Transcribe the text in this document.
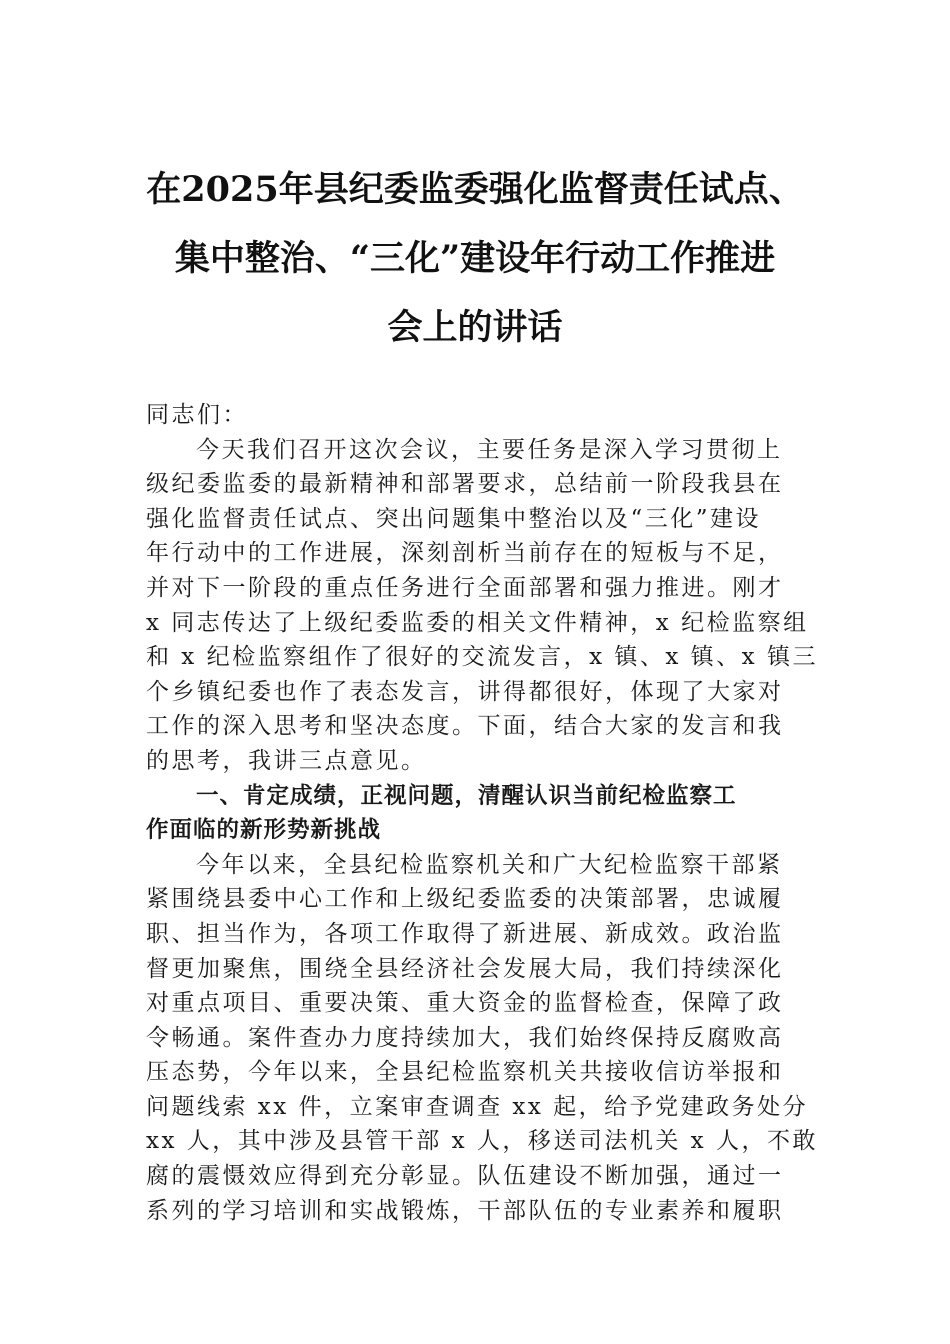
在2025年县纪委监委强化监督责任试点、
集中整治、“三化”建设年行动工作推进
会上的讲话
同志们：
今天我们召开这次会议，主要任务是深入学习贯彻上
级纪委监委的最新精神和部署要求，总结前一阶段我县在
强化监督责任试点、突出问题集中整治以及“三化”建设
年行动中的工作进展，深刻剖析当前存在的短板与不足，
并对下一阶段的重点任务进行全面部署和强力推进。刚才
x 同志传达了上级纪委监委的相关文件精神，x 纪检监察组
和 x 纪检监察组作了很好的交流发言，x 镇、x 镇、x 镇三
个乡镇纪委也作了表态发言，讲得都很好，体现了大家对
工作的深入思考和坚决态度。下面，结合大家的发言和我
的思考，我讲三点意见。
一、肯定成绩，正视问题，清醒认识当前纪检监察工
作面临的新形势新挑战
今年以来，全县纪检监察机关和广大纪检监察干部紧
紧围绕县委中心工作和上级纪委监委的决策部署，忠诚履
职、担当作为，各项工作取得了新进展、新成效。政治监
督更加聚焦，围绕全县经济社会发展大局，我们持续深化
对重点项目、重要决策、重大资金的监督检查，保障了政
令畅通。案件查办力度持续加大，我们始终保持反腐败高
压态势，今年以来，全县纪检监察机关共接收信访举报和
问题线索 xx 件，立案审查调查 xx 起，给予党建政务处分
xx 人，其中涉及县管干部 x 人，移送司法机关 x 人，不敢
腐的震慑效应得到充分彰显。队伍建设不断加强，通过一
系列的学习培训和实战锻炼，干部队伍的专业素养和履职
